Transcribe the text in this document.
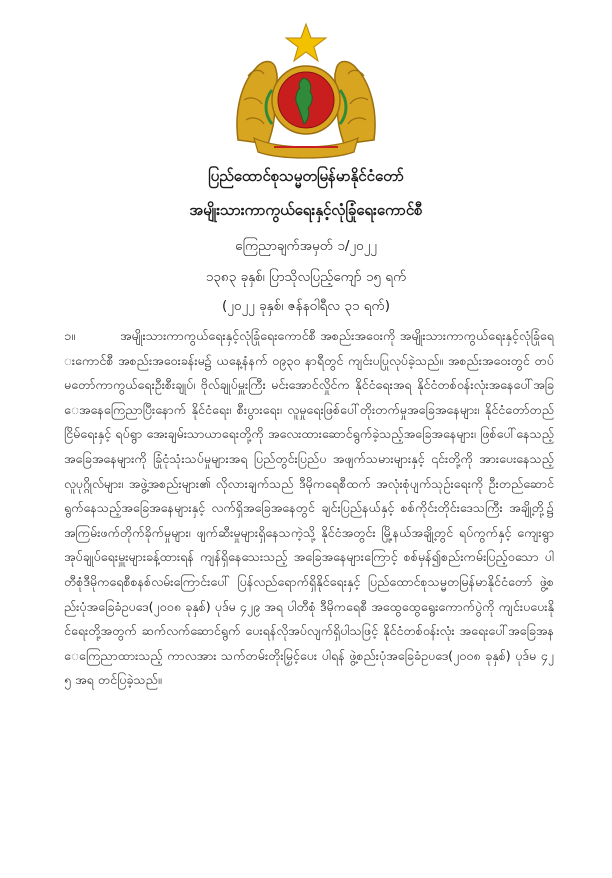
ပြည်ထောင်စုသမ္မတမြန်မာနိုင်ငံတော်
အမျိုးသားကာကွယ်ရေးနှင့်လုံခြုံရေးကောင်စီ
ကြေညာချက်အမှတ် ၁/၂၀၂၂
၁၃၈၃ ခုနှစ်၊ ပြာသိုလပြည့်ကျော် ၁၅ ရက်
(၂၀၂၂ ခုနှစ်၊ ဇန်နဝါရီလ ၃၁ ရက်)
၁။	အမျိုးသားကာကွယ်ရေးနှင့်လုံခြုံရေးကောင်စီ အစည်းအဝေးကို အမျိုးသားကာကွယ်ရေးနှင့်လုံခြုံရေးကောင်စီ အစည်းအဝေးခန်းမ၌ ယနေ့နံနက် ၀၉၃၀ နာရီတွင် ကျင်းပပြုလုပ်ခဲ့သည်။ အစည်းအဝေးတွင် တပ်မတော်ကာကွယ်ရေးဦးစီးချုပ်၊ ဗိုလ်ချုပ်မှူးကြီး မင်းအောင်လှိုင်က နိုင်ငံရေးအရ နိုင်ငံတစ်ဝန်းလုံးအနေပေါ်အခြေအနေကြေညာပြီးနောက် နိုင်ငံရေး၊ စီးပွားရေး၊ လူမှုရေးဖြစ်ပေါ်တိုးတက်မှုအခြေအနေများ၊ နိုင်ငံတော်တည်ငြိမ်ရေးနှင့် ရပ်ရွာ အေးချမ်းသာယာရေးတို့ကို အလေးထားဆောင်ရွက်ခဲ့သည့်အခြေအနေများ၊ ဖြစ်ပေါ်နေသည့် အခြေအနေများကို ခြုံငုံသုံးသပ်မှုများအရ ပြည်တွင်းပြည်ပ အဖျက်သမားများနှင့် ၎င်းတို့ကို အားပေးနေသည့် လူပုဂ္ဂိုလ်များ၊ အဖွဲ့အစည်းများ၏ လိုလားချက်သည် ဒီမိုကရေစီထက် အလုံးစုံပျက်သုဉ်းရေးကို ဦးတည်ဆောင်ရွက်နေသည့်အခြေအနေများနှင့် လက်ရှိအခြေအနေတွင် ချင်းပြည်နယ်နှင့် စစ်ကိုင်းတိုင်းဒေသကြီး အချို့တို့၌ အကြမ်းဖက်တိုက်ခိုက်မှုများ၊ ဖျက်ဆီးမှုများရှိနေသကဲ့သို့ နိုင်ငံအတွင်း မြို့နယ်အချို့တွင် ရပ်ကွက်နှင့် ကျေးရွာအုပ်ချုပ်ရေးမှူးများခန့်ထားရန် ကျန်ရှိနေသေးသည့် အခြေအနေများကြောင့် စစ်မှန်၍စည်းကမ်းပြည့်ဝသော ပါတီစုံဒီမိုကရေစီစနစ်လမ်းကြောင်းပေါ် ပြန်လည်ရောက်ရှိနိုင်ရေးနှင့် ပြည်ထောင်စုသမ္မတမြန်မာနိုင်ငံတော် ဖွဲ့စည်းပုံအခြေခံဥပဒေ(၂၀၀၈ ခုနှစ်) ပုဒ်မ ၄၂၉ အရ ပါတီစုံ ဒီမိုကရေစီ အထွေထွေရွေးကောက်ပွဲကို ကျင်းပပေးနိုင်ရေးတို့အတွက် ဆက်လက်ဆောင်ရွက် ပေးရန်လိုအပ်လျက်ရှိပါသဖြင့် နိုင်ငံတစ်ဝန်းလုံး အရေးပေါ်အခြေအနေကြေညာထားသည့် ကာလအား သက်တမ်းတိုးမြှင့်ပေး ပါရန် ဖွဲ့စည်းပုံအခြေခံဥပဒေ(၂၀၀၈ ခုနှစ်) ပုဒ်မ ၄၂၅ အရ တင်ပြခဲ့သည်။
